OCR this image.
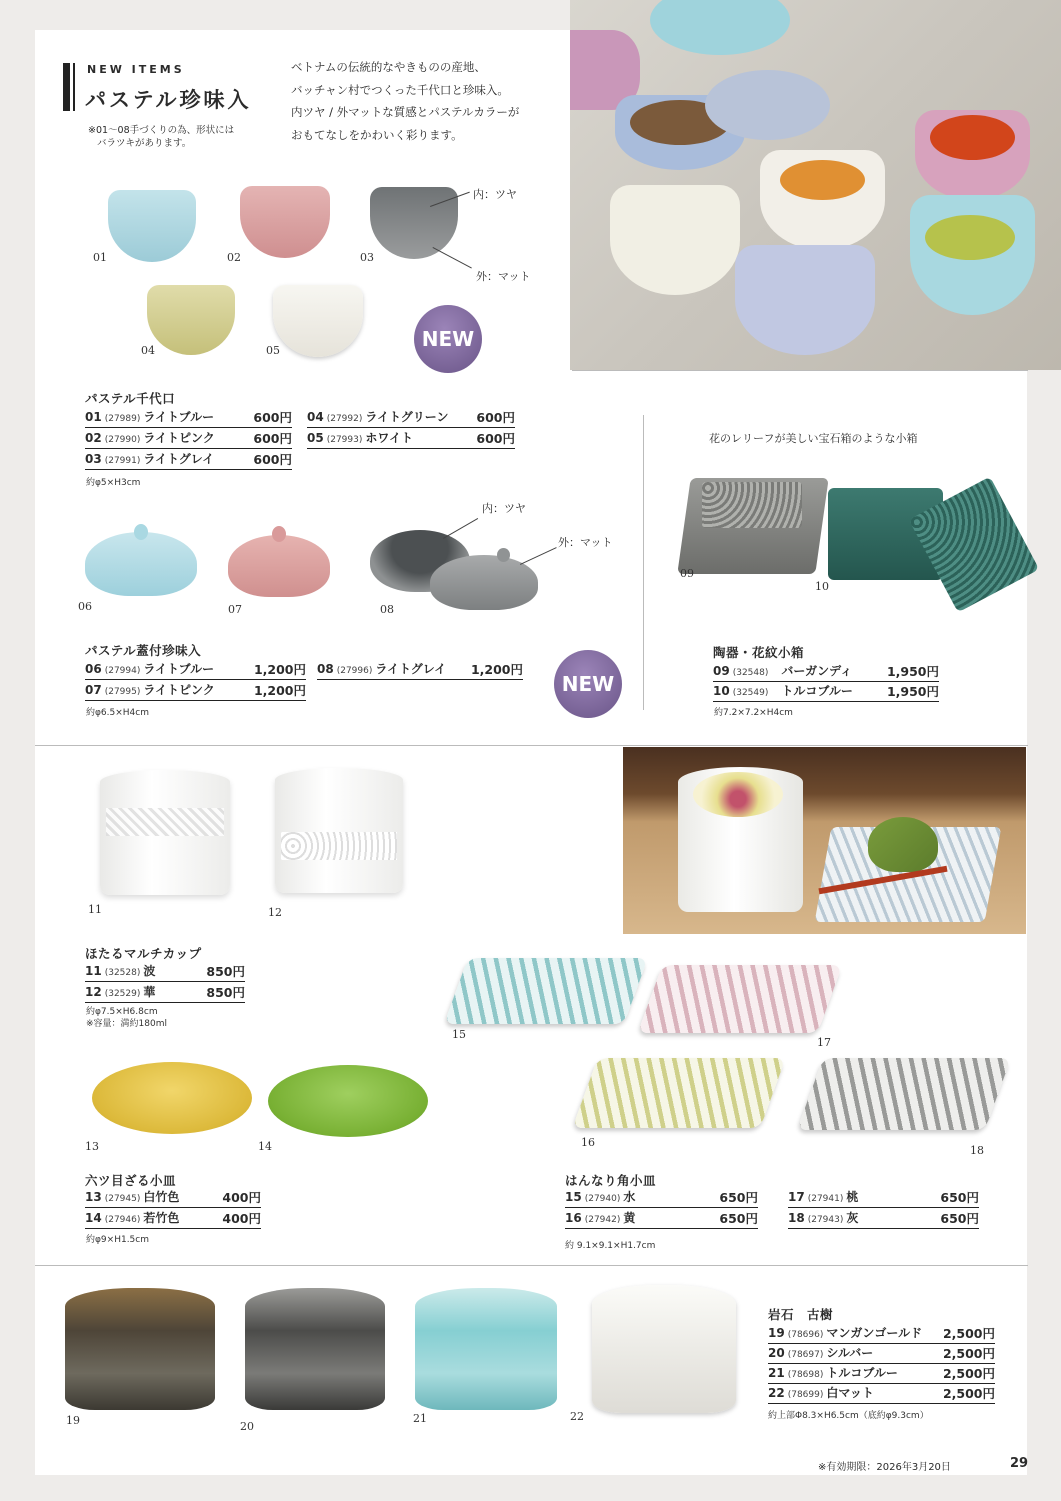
NEW ITEMS
パステル珍味入
※01～08手づくりの為、形状には
バラツキがあります。
ベトナムの伝統的なやきものの産地、
バッチャン村でつくった千代口と珍味入。
内ツヤ / 外マットな質感とパステルカラーが
おもてなしをかわいく彩ります。
01	02	03
内：ツヤ
外：マット
04	05	NEW
パステル千代口
01 (27989) ライトブルー	600円
02 (27990) ライトピンク	600円
03 (27991) ライトグレイ	600円
04 (27992) ライトグリーン 600円
05 (27993) ホワイト	600円
約φ5×H3cm
06	07	08
内：ツヤ
外：マット
パステル蓋付珍味入
06 (27994) ライトブルー	1,200円
07 (27995) ライトピンク	1,200円
08 (27996) ライトグレイ 1,200円
約φ6.5×H4cm
NEW
花のレリーフが美しい宝石箱のような小箱
09
10
陶器・花紋小箱
09 (32548) バーガンディ	1,950円
10 (32549) トルコブルー	1,950円
約7.2×7.2×H4cm
11	12
ほたるマルチカップ
11 (32528) 波	850円
12 (32529) 華	850円
約φ7.5×H6.8cm
※容量：満約180ml
15
17
16
18
13	14
六ツ目ざる小皿
13 (27945) 白竹色	400円
14 (27946) 若竹色	400円
約φ9×H1.5cm
はんなり角小皿
15 (27940) 水	650円
16 (27942) 黄	650円
17 (27941) 桃	650円
18 (27943) 灰	650円
約 9.1×9.1×H1.7cm
19	20
21	22
岩石　古樹
19 (78696) マンガンゴールド 2,500円
20 (78697) シルバー	2,500円
21 (78698) トルコブルー	2,500円
22 (78699) 白マット	2,500円
約上部Φ8.3×H6.5cm（底約φ9.3cm）
※有効期限：2026年3月20日	29
